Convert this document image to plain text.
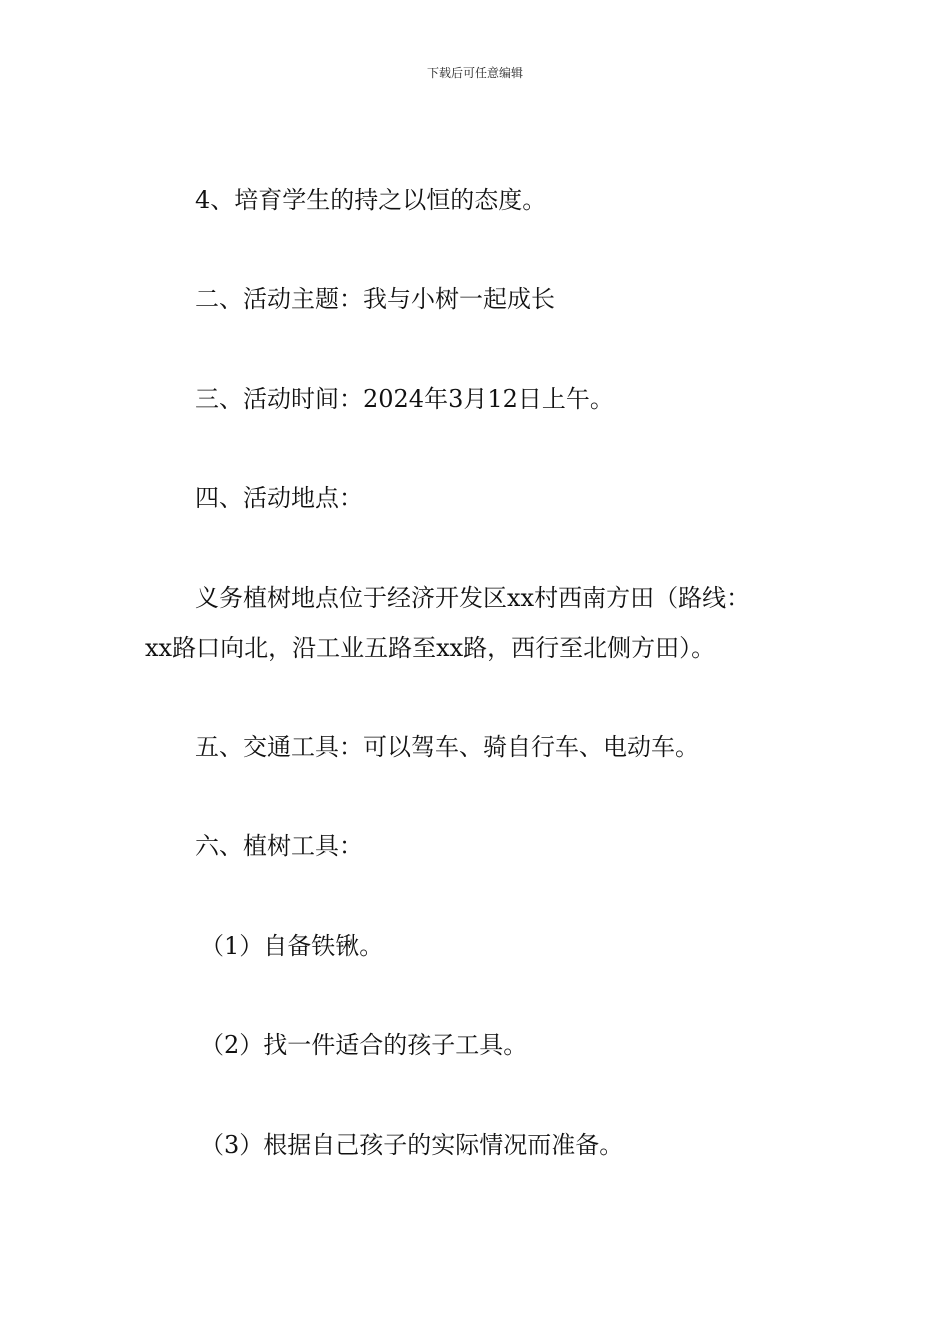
下载后可任意编辑
4、培育学生的持之以恒的态度。
二、活动主题：我与小树一起成长
三、活动时间：2024年3月12日上午。
四、活动地点：
义务植树地点位于经济开发区xx村西南方田（路线：
xx路口向北，沿工业五路至xx路，西行至北侧方田）。
五、交通工具：可以驾车、骑自行车、电动车。
六、植树工具：
（1）自备铁锹。
（2）找一件适合的孩子工具。
（3）根据自己孩子的实际情况而准备。
